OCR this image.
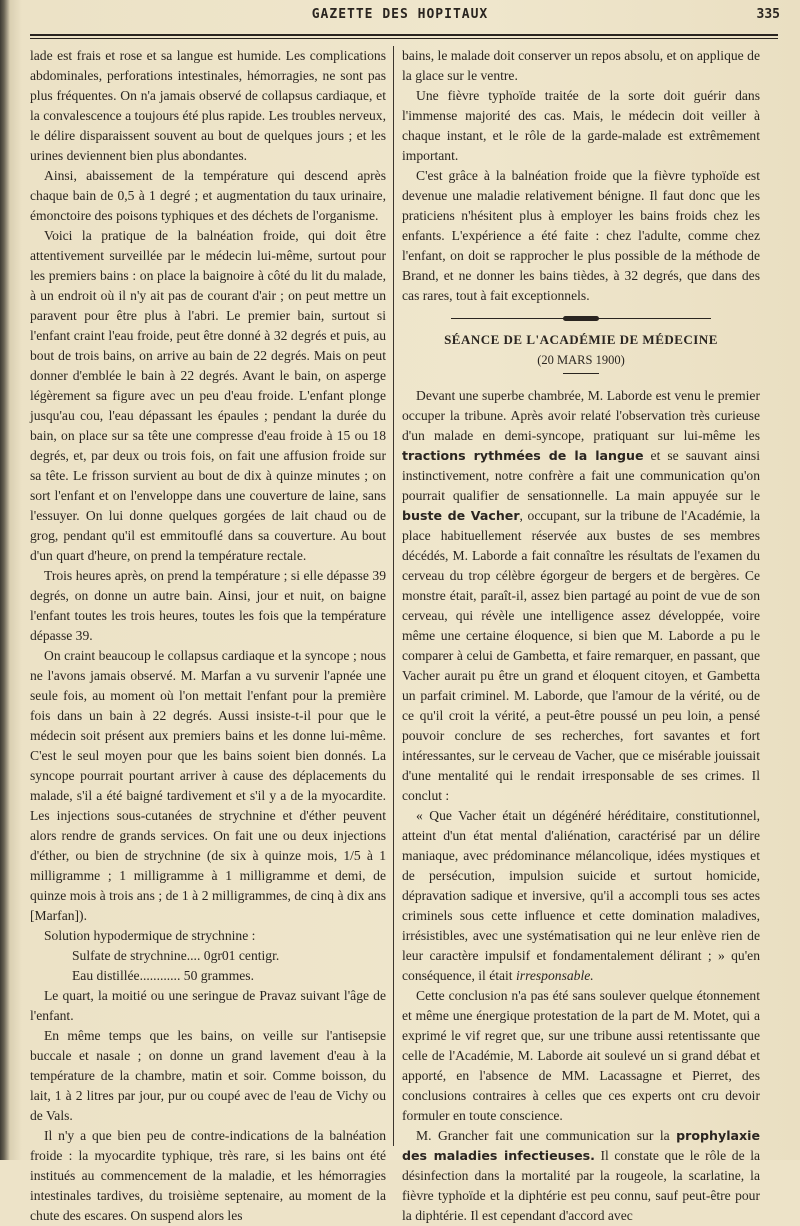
GAZETTE DES HOPITAUX	335

lade est frais et rose et sa langue est humide. Les complications abdominales, perforations intestinales, hémorragies, ne sont pas plus fréquentes. On n'a jamais observé de collapsus cardiaque, et la convalescence a toujours été plus rapide. Les troubles nerveux, le délire disparaissent souvent au bout de quelques jours ; et les urines deviennent bien plus abondantes.

Ainsi, abaissement de la température qui descend après chaque bain de 0,5 à 1 degré ; et augmentation du taux urinaire, émonctoire des poisons typhiques et des déchets de l'organisme.

Voici la pratique de la balnéation froide, qui doit être attentivement surveillée par le médecin lui-même, surtout pour les premiers bains : on place la baignoire à côté du lit du malade, à un endroit où il n'y ait pas de courant d'air ; on peut mettre un paravent pour être plus à l'abri. Le premier bain, surtout si l'enfant craint l'eau froide, peut être donné à 32 degrés et puis, au bout de trois bains, on arrive au bain de 22 degrés. Mais on peut donner d'emblée le bain à 22 degrés. Avant le bain, on asperge légèrement sa figure avec un peu d'eau froide. L'enfant plonge jusqu'au cou, l'eau dépassant les épaules ; pendant la durée du bain, on place sur sa tête une compresse d'eau froide à 15 ou 18 degrés, et, par deux ou trois fois, on fait une affusion froide sur sa tête. Le frisson survient au bout de dix à quinze minutes ; on sort l'enfant et on l'enveloppe dans une couverture de laine, sans l'essuyer. On lui donne quelques gorgées de lait chaud ou de grog, pendant qu'il est emmitouflé dans sa couverture. Au bout d'un quart d'heure, on prend la température rectale.

Trois heures après, on prend la température ; si elle dépasse 39 degrés, on donne un autre bain. Ainsi, jour et nuit, on baigne l'enfant toutes les trois heures, toutes les fois que la température dépasse 39.

On craint beaucoup le collapsus cardiaque et la syncope ; nous ne l'avons jamais observé. M. Marfan a vu survenir l'apnée une seule fois, au moment où l'on mettait l'enfant pour la première fois dans un bain à 22 degrés. Aussi insiste-t-il pour que le médecin soit présent aux premiers bains et les donne lui-même. C'est le seul moyen pour que les bains soient bien donnés. La syncope pourrait pourtant arriver à cause des déplacements du malade, s'il a été baigné tardivement et s'il y a de la myocardite. Les injections sous-cutanées de strychnine et d'éther peuvent alors rendre de grands services. On fait une ou deux injections d'éther, ou bien de strychnine (de six à quinze mois, 1/5 à 1 milligramme ; 1 milligramme à 1 milligramme et demi, de quinze mois à trois ans ; de 1 à 2 milligrammes, de cinq à dix ans [Marfan]).

Solution hypodermique de strychnine :

Sulfate de strychnine.... 0gr01 centigr.

Eau distillée............ 50 grammes.

Le quart, la moitié ou une seringue de Pravaz suivant l'âge de l'enfant.

En même temps que les bains, on veille sur l'antisepsie buccale et nasale ; on donne un grand lavement d'eau à la température de la chambre, matin et soir. Comme boisson, du lait, 1 à 2 litres par jour, pur ou coupé avec de l'eau de Vichy ou de Vals.

Il n'y a que bien peu de contre-indications de la balnéation froide : la myocardite typhique, très rare, si les bains ont été institués au commencement de la maladie, et les hémorragies intestinales tardives, du troisième septenaire, au moment de la chute des escares. On suspend alors les

bains, le malade doit conserver un repos absolu, et on applique de la glace sur le ventre.

Une fièvre typhoïde traitée de la sorte doit guérir dans l'immense majorité des cas. Mais, le médecin doit veiller à chaque instant, et le rôle de la garde-malade est extrêmement important.

C'est grâce à la balnéation froide que la fièvre typhoïde est devenue une maladie relativement bénigne. Il faut donc que les praticiens n'hésitent plus à employer les bains froids chez les enfants. L'expérience a été faite : chez l'adulte, comme chez l'enfant, on doit se rapprocher le plus possible de la méthode de Brand, et ne donner les bains tièdes, à 32 degrés, que dans des cas rares, tout à fait exceptionnels.

SÉANCE DE L'ACADÉMIE DE MÉDECINE
(20 MARS 1900)

Devant une superbe chambrée, M. Laborde est venu le premier occuper la tribune. Après avoir relaté l'observation très curieuse d'un malade en demi-syncope, pratiquant sur lui-même les tractions rythmées de la langue et se sauvant ainsi instinctivement, notre confrère a fait une communication qu'on pourrait qualifier de sensationnelle. La main appuyée sur le buste de Vacher, occupant, sur la tribune de l'Académie, la place habituellement réservée aux bustes de ses membres décédés, M. Laborde a fait connaître les résultats de l'examen du cerveau du trop célèbre égorgeur de bergers et de bergères. Ce monstre était, paraît-il, assez bien partagé au point de vue de son cerveau, qui révèle une intelligence assez développée, voire même une certaine éloquence, si bien que M. Laborde a pu le comparer à celui de Gambetta, et faire remarquer, en passant, que Vacher aurait pu être un grand et éloquent citoyen, et Gambetta un parfait criminel. M. Laborde, que l'amour de la vérité, ou de ce qu'il croit la vérité, a peut-être poussé un peu loin, a pensé pouvoir conclure de ses recherches, fort savantes et fort intéressantes, sur le cerveau de Vacher, que ce misérable jouissait d'une mentalité qui le rendait irresponsable de ses crimes. Il conclut :

« Que Vacher était un dégénéré héréditaire, constitutionnel, atteint d'un état mental d'aliénation, caractérisé par un délire maniaque, avec prédominance mélancolique, idées mystiques et de persécution, impulsion suicide et surtout homicide, dépravation sadique et inversive, qu'il a accompli tous ses actes criminels sous cette influence et cette domination maladives, irrésistibles, avec une systématisation qui ne leur enlève rien de leur caractère impulsif et fondamentalement délirant ; » qu'en conséquence, il était irresponsable.

Cette conclusion n'a pas été sans soulever quelque étonnement et même une énergique protestation de la part de M. Motet, qui a exprimé le vif regret que, sur une tribune aussi retentissante que celle de l'Académie, M. Laborde ait soulevé un si grand débat et apporté, en l'absence de MM. Lacassagne et Pierret, des conclusions contraires à celles que ces experts ont cru devoir formuler en toute conscience.

M. Grancher fait une communication sur la prophylaxie des maladies infectieuses. Il constate que le rôle de la désinfection dans la mortalité par la rougeole, la scarlatine, la fièvre typhoïde et la diphtérie est peu connu, sauf peut-être pour la diphtérie. Il est cependant d'accord avec
